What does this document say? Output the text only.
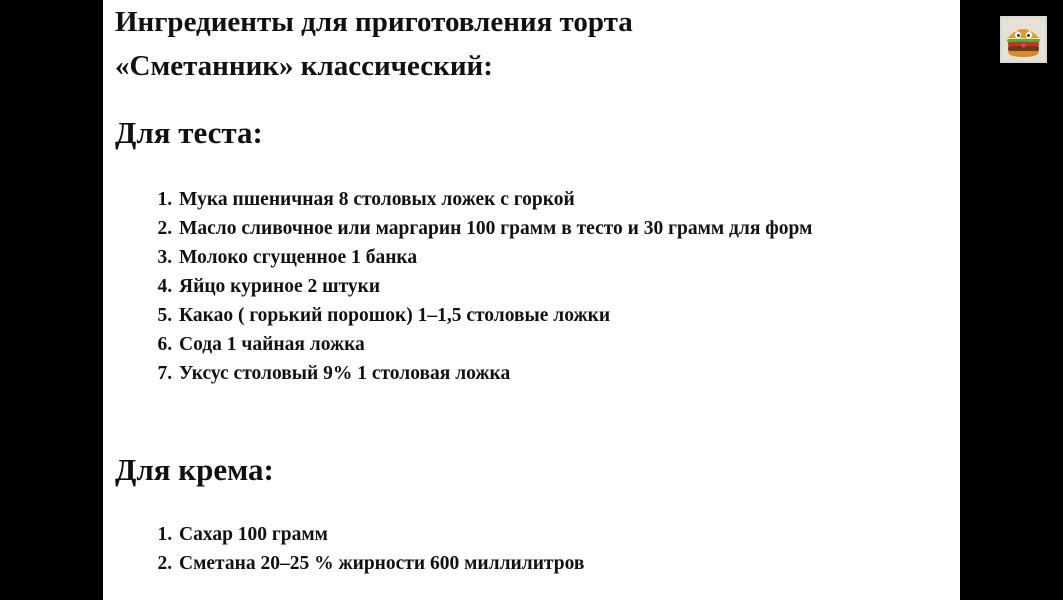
Ингредиенты для приготовления торта
«Сметанник» классический:
Для теста:
1. Мука пшеничная 8 столовых ложек с горкой
2. Масло сливочное или маргарин 100 грамм в тесто и 30 грамм для форм
3. Молоко сгущенное 1 банка
4. Яйцо куриное 2 штуки
5. Какао ( горький порошок) 1–1,5 столовые ложки
6. Сода 1 чайная ложка
7. Уксус столовый 9% 1 столовая ложка
Для крема:
1. Сахар 100 грамм
2. Сметана 20–25 % жирности 600 миллилитров
